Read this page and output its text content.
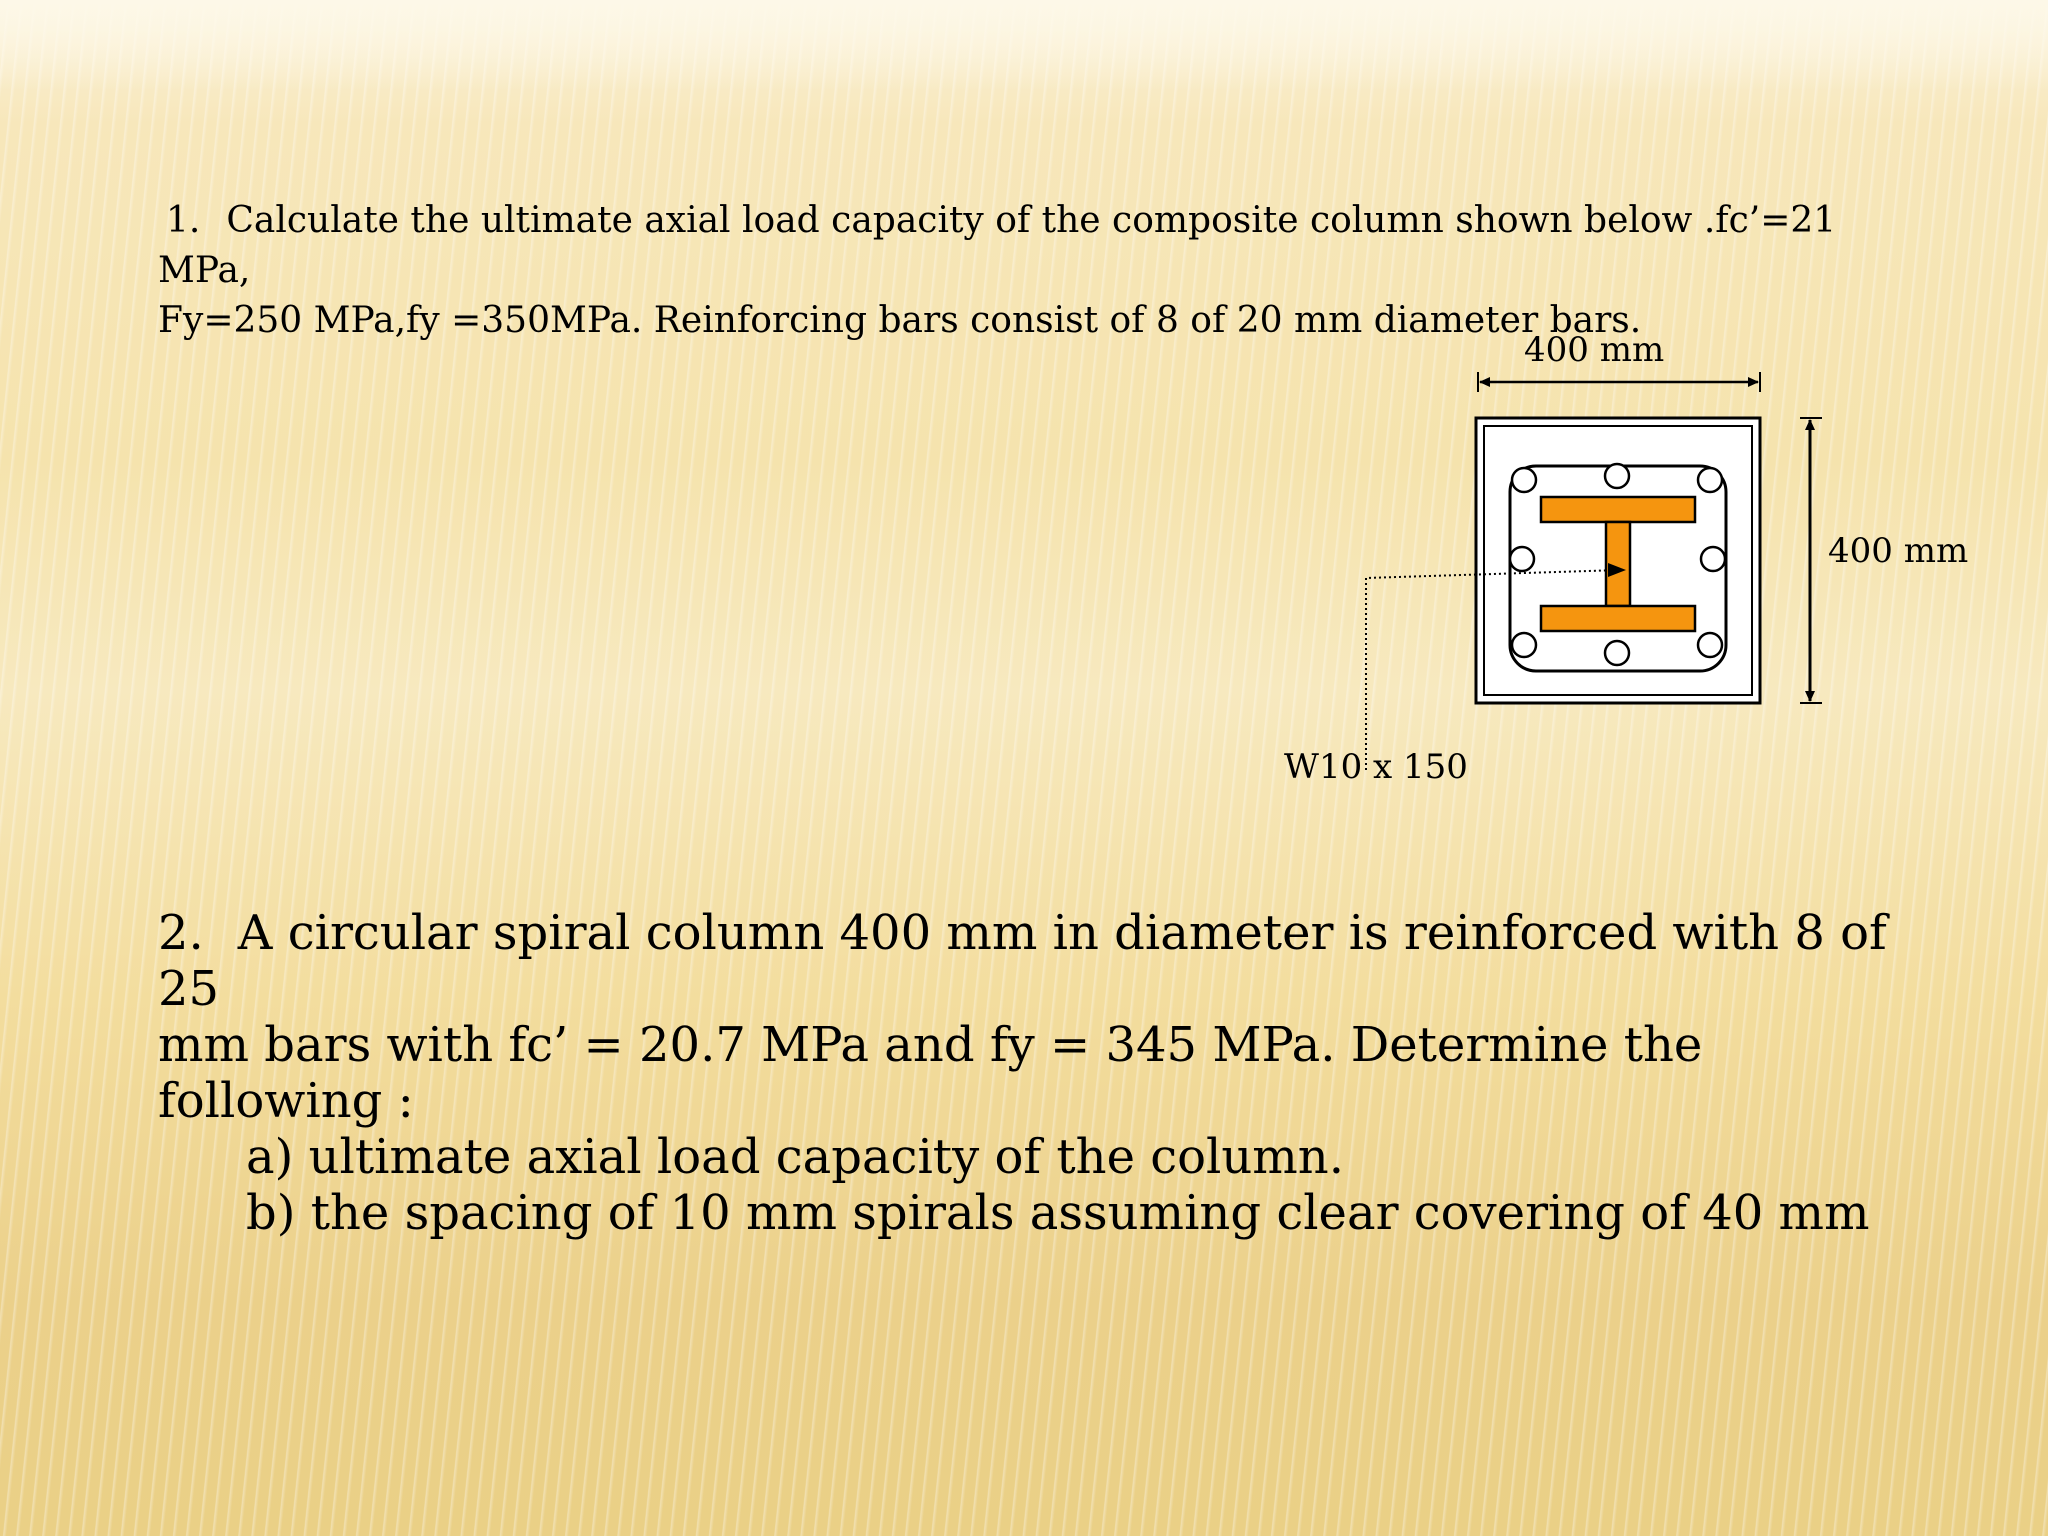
1. Calculate the ultimate axial load capacity of the composite column shown below .fc’=21 MPa,
Fy=250 MPa,fy =350MPa. Reinforcing bars consist of 8 of 20 mm diameter bars.
400 mm
400 mm
W10 x 150
2. A circular spiral column 400 mm in diameter is reinforced with 8 of 25
mm bars with fc’ = 20.7 MPa and fy = 345 MPa. Determine the following :
a) ultimate axial load capacity of the column.
b) the spacing of 10 mm spirals assuming clear covering of 40 mm
